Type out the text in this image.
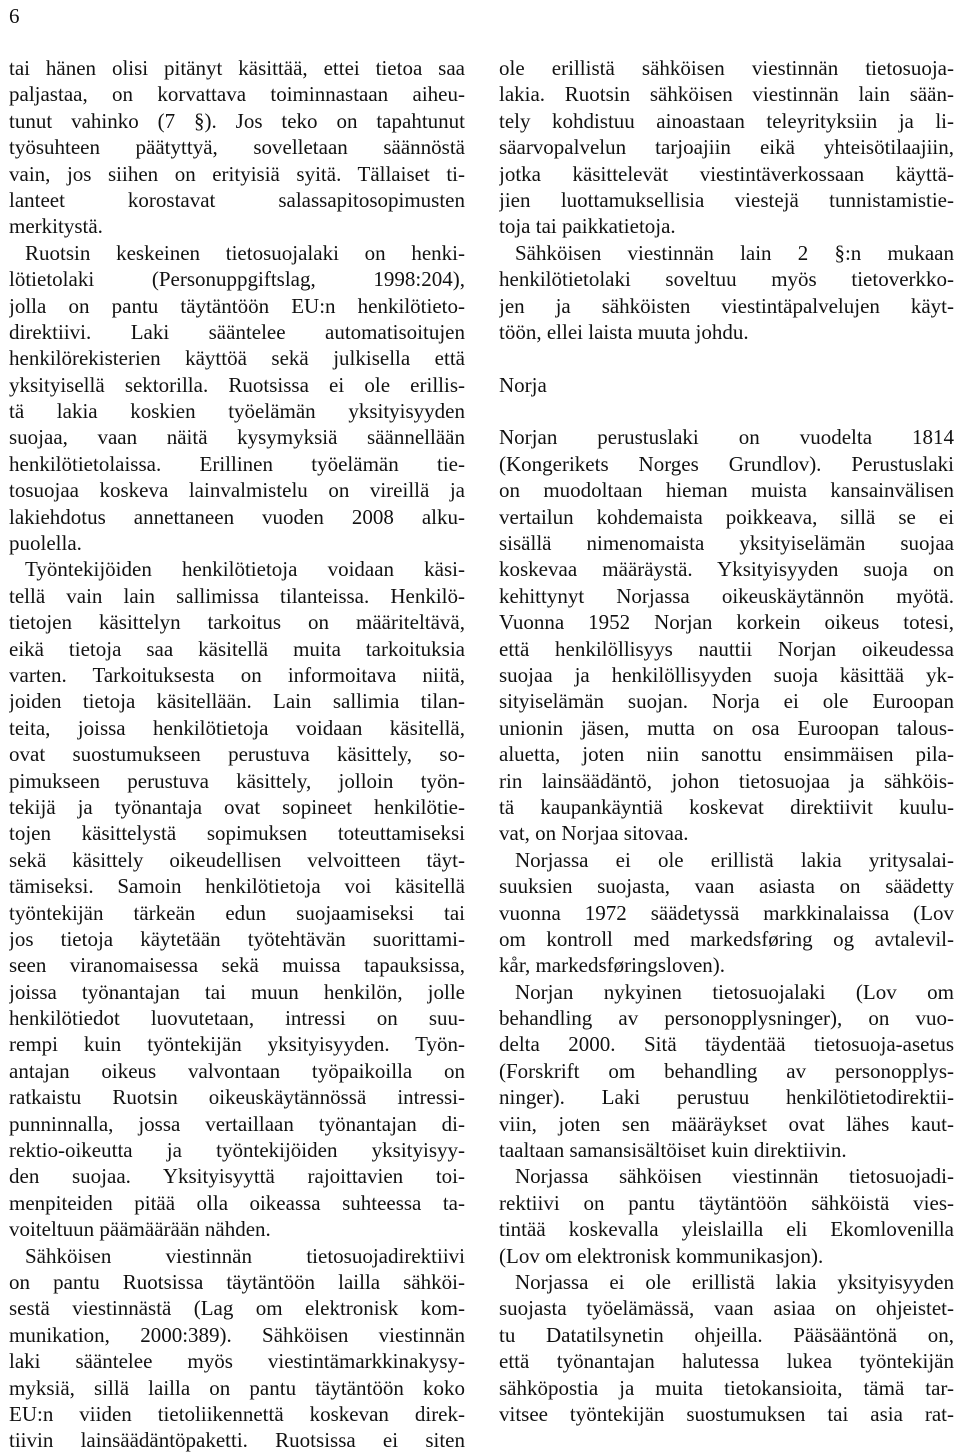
6
tai hänen olisi pitänyt käsittää, ettei tietoa saa
paljastaa, on korvattava toiminnastaan aiheu-
tunut vahinko (7 §). Jos teko on tapahtunut
työsuhteen päätyttyä, sovelletaan säännöstä
vain, jos siihen on erityisiä syitä. Tällaiset ti-
lanteet korostavat salassapitosopimusten
merkitystä.
Ruotsin keskeinen tietosuojalaki on henki-
lötietolaki (Personuppgiftslag, 1998:204),
jolla on pantu täytäntöön EU:n henkilötieto-
direktiivi. Laki sääntelee automatisoitujen
henkilörekisterien käyttöä sekä julkisella että
yksityisellä sektorilla. Ruotsissa ei ole erillis-
tä lakia koskien työelämän yksityisyyden
suojaa, vaan näitä kysymyksiä säännellään
henkilötietolaissa. Erillinen työelämän tie-
tosuojaa koskeva lainvalmistelu on vireillä ja
lakiehdotus annettaneen vuoden 2008 alku-
puolella.
Työntekijöiden henkilötietoja voidaan käsi-
tellä vain lain sallimissa tilanteissa. Henkilö-
tietojen käsittelyn tarkoitus on määriteltävä,
eikä tietoja saa käsitellä muita tarkoituksia
varten. Tarkoituksesta on informoitava niitä,
joiden tietoja käsitellään. Lain sallimia tilan-
teita, joissa henkilötietoja voidaan käsitellä,
ovat suostumukseen perustuva käsittely, so-
pimukseen perustuva käsittely, jolloin työn-
tekijä ja työnantaja ovat sopineet henkilötie-
tojen käsittelystä sopimuksen toteuttamiseksi
sekä käsittely oikeudellisen velvoitteen täyt-
tämiseksi. Samoin henkilötietoja voi käsitellä
työntekijän tärkeän edun suojaamiseksi tai
jos tietoja käytetään työtehtävän suorittami-
seen viranomaisessa sekä muissa tapauksissa,
joissa työnantajan tai muun henkilön, jolle
henkilötiedot luovutetaan, intressi on suu-
rempi kuin työntekijän yksityisyyden. Työn-
antajan oikeus valvontaan työpaikoilla on
ratkaistu Ruotsin oikeuskäytännössä intressi-
punninnalla, jossa vertaillaan työnantajan di-
rektio-oikeutta ja työntekijöiden yksityisyy-
den suojaa. Yksityisyyttä rajoittavien toi-
menpiteiden pitää olla oikeassa suhteessa ta-
voiteltuun päämäärään nähden.
Sähköisen viestinnän tietosuojadirektiivi
on pantu Ruotsissa täytäntöön lailla sähköi-
sestä viestinnästä (Lag om elektronisk kom-
munikation, 2000:389). Sähköisen viestinnän
laki sääntelee myös viestintämarkkinakysy-
myksiä, sillä lailla on pantu täytäntöön koko
EU:n viiden tietoliikennettä koskevan direk-
tiivin lainsäädäntöpaketti. Ruotsissa ei siten
ole erillistä sähköisen viestinnän tietosuoja-
lakia. Ruotsin sähköisen viestinnän lain sään-
tely kohdistuu ainoastaan teleyrityksiin ja li-
säarvopalvelun tarjoajiin eikä yhteisötilaajiin,
jotka käsittelevät viestintäverkossaan käyttä-
jien luottamuksellisia viestejä tunnistamistie-
toja tai paikkatietoja.
Sähköisen viestinnän lain 2 §:n mukaan
henkilötietolaki soveltuu myös tietoverkko-
jen ja sähköisten viestintäpalvelujen käyt-
töön, ellei laista muuta johdu.
Norja
Norjan perustuslaki on vuodelta 1814
(Kongerikets Norges Grundlov). Perustuslaki
on muodoltaan hieman muista kansainvälisen
vertailun kohdemaista poikkeava, sillä se ei
sisällä nimenomaista yksityiselämän suojaa
koskevaa määräystä. Yksityisyyden suoja on
kehittynyt Norjassa oikeuskäytännön myötä.
Vuonna 1952 Norjan korkein oikeus totesi,
että henkilöllisyys nauttii Norjan oikeudessa
suojaa ja henkilöllisyyden suoja käsittää yk-
sityiselämän suojan. Norja ei ole Euroopan
unionin jäsen, mutta on osa Euroopan talous-
aluetta, joten niin sanottu ensimmäisen pila-
rin lainsäädäntö, johon tietosuojaa ja sähköis-
tä kaupankäyntiä koskevat direktiivit kuulu-
vat, on Norjaa sitovaa.
Norjassa ei ole erillistä lakia yritysalai-
suuksien suojasta, vaan asiasta on säädetty
vuonna 1972 säädetyssä markkinalaissa (Lov
om kontroll med markedsføring og avtalevil-
kår, markedsføringsloven).
Norjan nykyinen tietosuojalaki (Lov om
behandling av personopplysninger), on vuo-
delta 2000. Sitä täydentää tietosuoja-asetus
(Forskrift om behandling av personopplys-
ninger). Laki perustuu henkilötietodirektii-
viin, joten sen määräykset ovat lähes kaut-
taaltaan samansisältöiset kuin direktiivin.
Norjassa sähköisen viestinnän tietosuojadi-
rektiivi on pantu täytäntöön sähköistä vies-
tintää koskevalla yleislailla eli Ekomlovenilla
(Lov om elektronisk kommunikasjon).
Norjassa ei ole erillistä lakia yksityisyyden
suojasta työelämässä, vaan asiaa on ohjeistet-
tu Datatilsynetin ohjeilla. Pääsääntönä on,
että työnantajan halutessa lukea työntekijän
sähköpostia ja muita tietokansioita, tämä tar-
vitsee työntekijän suostumuksen tai asia rat-
